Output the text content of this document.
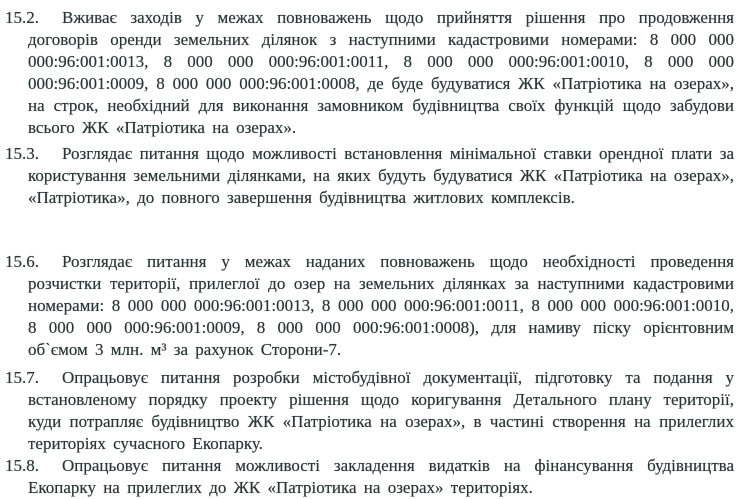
15.2. Вживає заходів у межах повноважень щодо прийняття рішення про продовження договорів оренди земельних ділянок з наступними кадастровими номерами: 8 000 000 000:96:001:0013, 8 000 000 000:96:001:0011, 8 000 000 000:96:001:0010, 8 000 000 000:96:001:0009, 8 000 000 000:96:001:0008, де буде будуватися ЖК «Патріотика на озерах», на строк, необхідний для виконання замовником будівництва своїх функцій щодо забудови всього ЖК «Патріотика на озерах».

15.3. Розглядає питання щодо можливості встановлення мінімальної ставки орендної плати за користування земельними ділянками, на яких будуть будуватися ЖК «Патріотика на озерах», «Патріотика», до повного завершення будівництва житлових комплексів.

15.6. Розглядає питання у межах наданих повноважень щодо необхідності проведення розчистки території, прилеглої до озер на земельних ділянках за наступними кадастровими номерами: 8 000 000 000:96:001:0013, 8 000 000 000:96:001:0011, 8 000 000 000:96:001:0010, 8 000 000 000:96:001:0009, 8 000 000 000:96:001:0008), для намиву піску орієнтовним об`ємом 3 млн. м³ за рахунок Сторони-7.

15.7. Опрацьовує питання розробки містобудівної документації, підготовку та подання у встановленому порядку проекту рішення щодо коригування Детального плану території, куди потрапляє будівництво ЖК «Патріотика на озерах», в частині створення на прилеглих територіях сучасного Екопарку.

15.8. Опрацьовує питання можливості закладення видатків на фінансування будівництва Екопарку на прилеглих до ЖК «Патріотика на озерах» територіях.
